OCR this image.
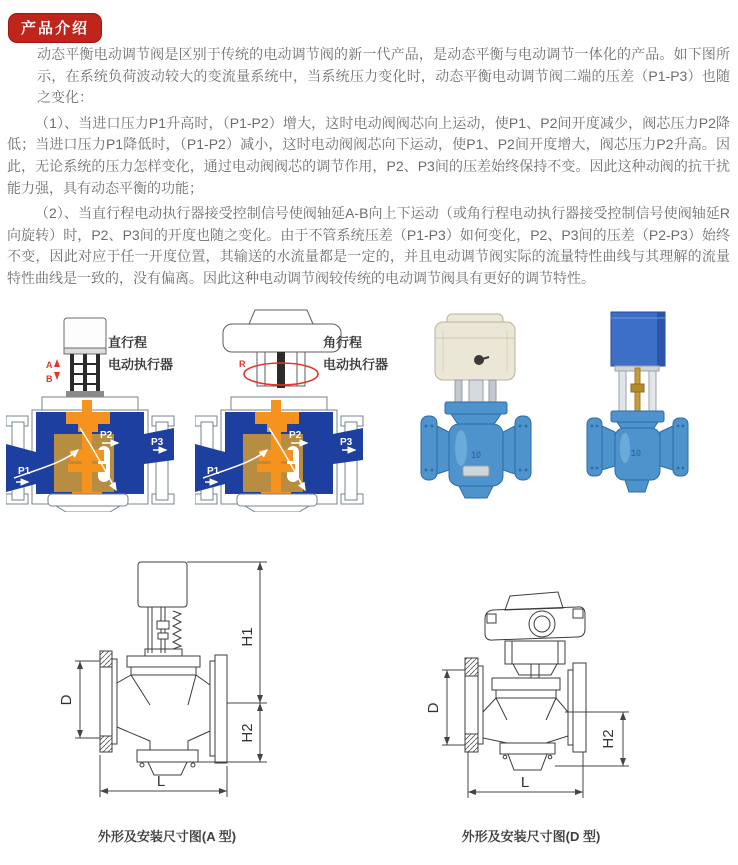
产品介绍

动态平衡电动调节阀是区别于传统的电动调节阀的新一代产品，是动态平衡与电动调节一体化的产品。如下图所示，在系统负荷波动较大的变流量系统中，当系统压力变化时，动态平衡电动调节阀二端的压差（P1-P3）也随之变化：

（1）、当进口压力P1升高时，（P1-P2）增大，这时电动阀阀芯向上运动，使P1、P2间开度减少，阀芯压力P2降低；当进口压力P1降低时，（P1-P2）减小，这时电动阀阀芯向下运动，使P1、P2间开度增大，阀芯压力P2升高。因此，无论系统的压力怎样变化，通过电动阀阀芯的调节作用，P2、P3间的压差始终保持不变。因此这种动阀的抗干扰能力强，具有动态平衡的功能；

（2）、当直行程电动执行器接受控制信号使阀轴延A-B向上下运动（或角行程电动执行器接受控制信号使阀轴延R向旋转）时，P2、P3间的开度也随之变化。由于不管系统压差（P1-P3）如何变化，P2、P3间的压差（P2-P3）始终不变，因此对应于任一开度位置，其输送的水流量都是一定的，并且电动调节阀实际的流量特性曲线与其理解的流量特性曲线是一致的，没有偏离。因此这种电动调节阀较传统的电动调节阀具有更好的调节特性。

A
B
P1
P2
P3
直行程
电动执行器	R
P1
P2
P3
角行程
电动执行器
10	10
H1
H2
D
L
D
H2
L
外形及安装尺寸图(A 型)	外形及安装尺寸图(D 型)
